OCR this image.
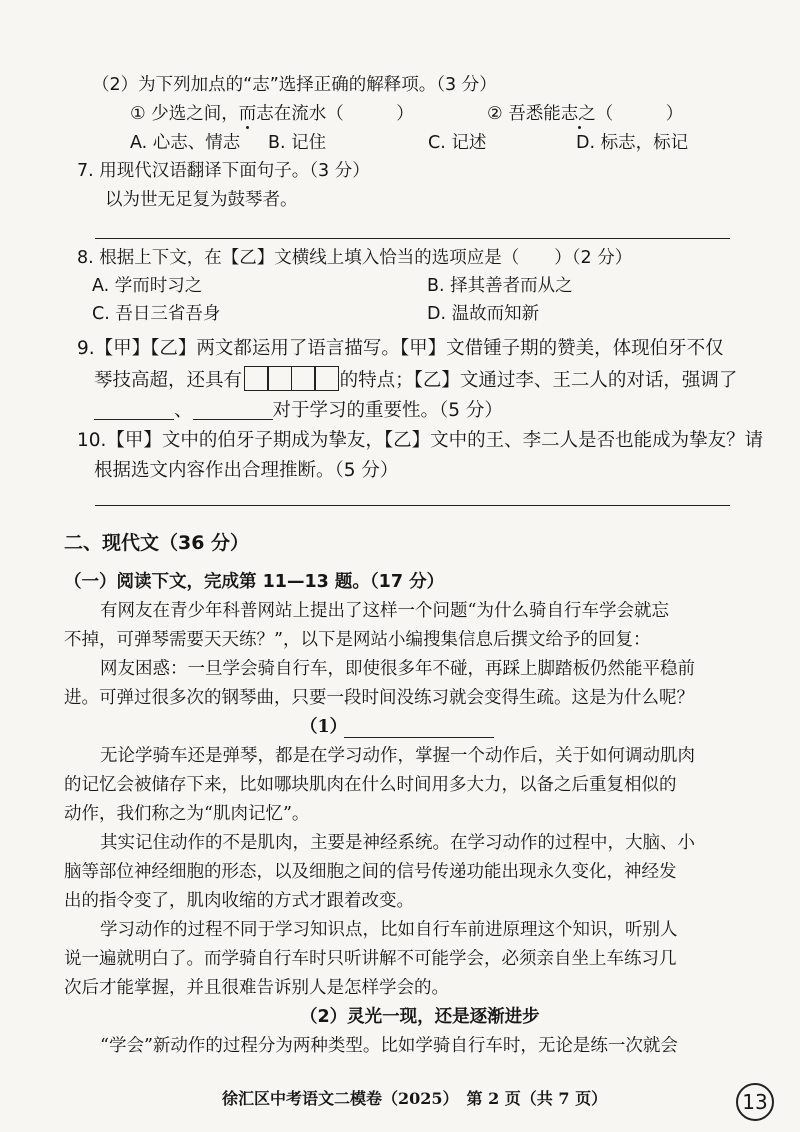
（2）为下列加点的“志”选择正确的解释项。（3 分）
① 少选之间，而志在流水（　　　）	② 吾悉能志之（　　　）
A. 心志、情志 B. 记住	C. 记述	D. 标志，标记
7. 用现代汉语翻译下面句子。（3 分）
以为世无足复为鼓琴者。
8. 根据上下文，在【乙】文横线上填入恰当的选项应是（　　）（2 分）
A. 学而时习之	B. 择其善者而从之
C. 吾日三省吾身	D. 温故而知新
9.【甲】【乙】两文都运用了语言描写。【甲】文借锺子期的赞美，体现伯牙不仅
琴技高超，还具有	的特点；【乙】文通过李、王二人的对话，强调了
、	对于学习的重要性。（5 分）
10.【甲】文中的伯牙子期成为挚友，【乙】文中的王、李二人是否也能成为挚友？请
根据选文内容作出合理推断。（5 分）
二、现代文（36 分）
（一）阅读下文，完成第 11—13 题。（17 分）
有网友在青少年科普网站上提出了这样一个问题“为什么骑自行车学会就忘
不掉，可弹琴需要天天练？”，以下是网站小编搜集信息后撰文给予的回复：
网友困惑：一旦学会骑自行车，即使很多年不碰，再踩上脚踏板仍然能平稳前
进。可弹过很多次的钢琴曲，只要一段时间没练习就会变得生疏。这是为什么呢？
（1）
无论学骑车还是弹琴，都是在学习动作，掌握一个动作后，关于如何调动肌肉
的记忆会被储存下来，比如哪块肌肉在什么时间用多大力，以备之后重复相似的
动作，我们称之为“肌肉记忆”。
其实记住动作的不是肌肉，主要是神经系统。在学习动作的过程中，大脑、小
脑等部位神经细胞的形态，以及细胞之间的信号传递功能出现永久变化，神经发
出的指令变了，肌肉收缩的方式才跟着改变。
学习动作的过程不同于学习知识点，比如自行车前进原理这个知识，听别人
说一遍就明白了。而学骑自行车时只听讲解不可能学会，必须亲自坐上车练习几
次后才能掌握，并且很难告诉别人是怎样学会的。
（2）灵光一现，还是逐渐进步
“学会”新动作的过程分为两种类型。比如学骑自行车时，无论是练一次就会
徐汇区中考语文二模卷（2025）　第 2 页（共 7 页）	13
